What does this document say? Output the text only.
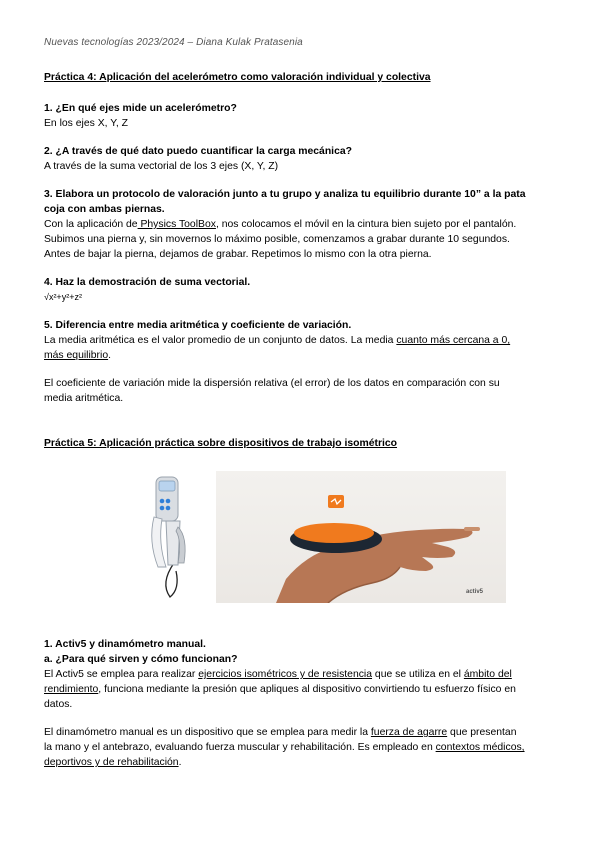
Nuevas tecnologías 2023/2024 – Diana Kulak Pratasenia

Práctica 4: Aplicación del acelerómetro como valoración individual y colectiva

1. ¿En qué ejes mide un acelerómetro?

En los ejes X, Y, Z

2. ¿A través de qué dato puedo cuantificar la carga mecánica?

A través de la suma vectorial de los 3 ejes (X, Y, Z)

3. Elabora un protocolo de valoración junto a tu grupo y analiza tu equilibrio durante 10” a la pata

coja con ambas piernas.

Con la aplicación de Physics ToolBox, nos colocamos el móvil en la cintura bien sujeto por el pantalón.

Subimos una pierna y, sin movernos lo máximo posible, comenzamos a grabar durante 10 segundos.

Antes de bajar la pierna, dejamos de grabar. Repetimos lo mismo con la otra pierna.

4. Haz la demostración de suma vectorial.

√x²+y²+z²

5. Diferencia entre media aritmética y coeficiente de variación.

La media aritmética es el valor promedio de un conjunto de datos. La media cuanto más cercana a 0,

más equilibrio.

El coeficiente de variación mide la dispersión relativa (el error) de los datos en comparación con su

media aritmética.

Práctica 5: Aplicación práctica sobre dispositivos de trabajo isométrico

activ5

1. Activ5 y dinamómetro manual.

a. ¿Para qué sirven y cómo funcionan?

El Activ5 se emplea para realizar ejercicios isométricos y de resistencia que se utiliza en el ámbito del

rendimiento, funciona mediante la presión que apliques al dispositivo convirtiendo tu esfuerzo físico en

datos.

El dinamómetro manual es un dispositivo que se emplea para medir la fuerza de agarre que presentan

la mano y el antebrazo, evaluando fuerza muscular y rehabilitación. Es empleado en contextos médicos,

deportivos y de rehabilitación.
